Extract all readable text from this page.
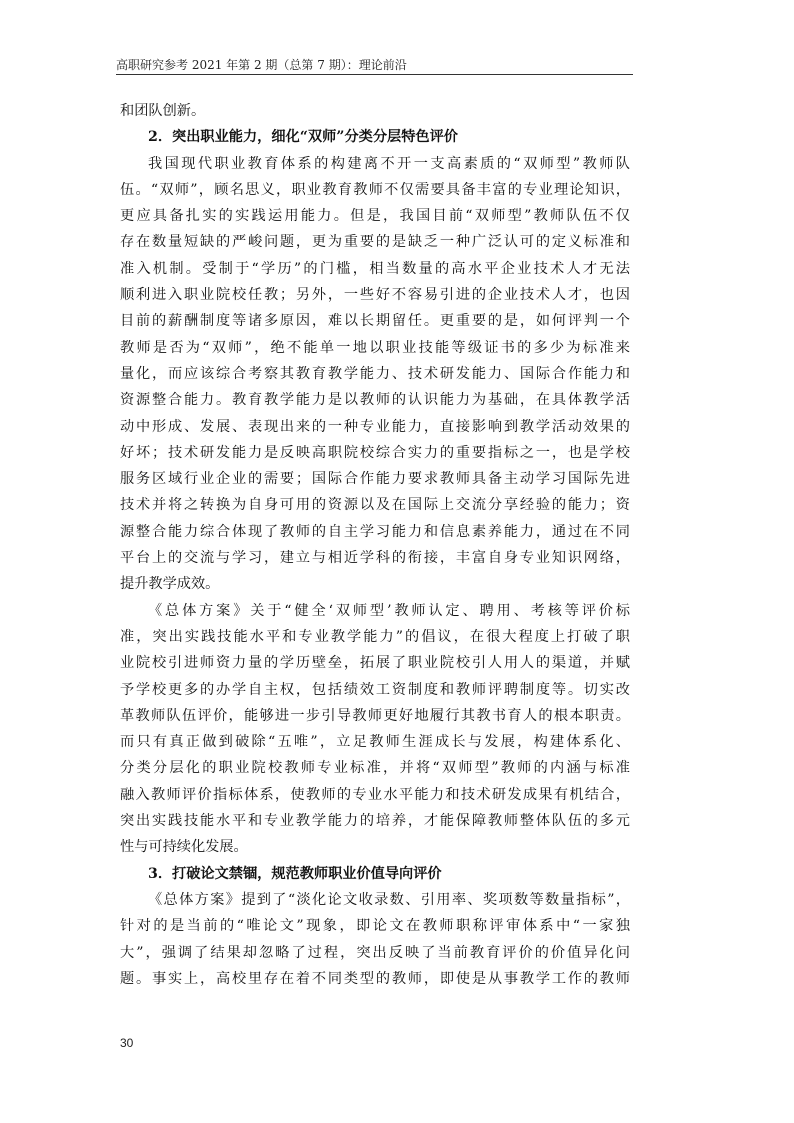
高职研究参考 2021 年第 2 期（总第 7 期）：理论前沿
和团队创新。
2．突出职业能力，细化“双师”分类分层特色评价
我国现代职业教育体系的构建离不开一支高素质的“双师型”教师队
伍。“双师”，顾名思义，职业教育教师不仅需要具备丰富的专业理论知识，
更应具备扎实的实践运用能力。但是，我国目前“双师型”教师队伍不仅
存在数量短缺的严峻问题，更为重要的是缺乏一种广泛认可的定义标准和
准入机制。受制于“学历”的门槛，相当数量的高水平企业技术人才无法
顺利进入职业院校任教；另外，一些好不容易引进的企业技术人才，也因
目前的薪酬制度等诸多原因，难以长期留任。更重要的是，如何评判一个
教师是否为“双师”，绝不能单一地以职业技能等级证书的多少为标准来
量化，而应该综合考察其教育教学能力、技术研发能力、国际合作能力和
资源整合能力。教育教学能力是以教师的认识能力为基础，在具体教学活
动中形成、发展、表现出来的一种专业能力，直接影响到教学活动效果的
好坏；技术研发能力是反映高职院校综合实力的重要指标之一，也是学校
服务区域行业企业的需要；国际合作能力要求教师具备主动学习国际先进
技术并将之转换为自身可用的资源以及在国际上交流分享经验的能力；资
源整合能力综合体现了教师的自主学习能力和信息素养能力，通过在不同
平台上的交流与学习，建立与相近学科的衔接，丰富自身专业知识网络，
提升教学成效。
《总体方案》关于“健全‘双师型’教师认定、聘用、考核等评价标
准，突出实践技能水平和专业教学能力”的倡议，在很大程度上打破了职
业院校引进师资力量的学历壁垒，拓展了职业院校引人用人的渠道，并赋
予学校更多的办学自主权，包括绩效工资制度和教师评聘制度等。切实改
革教师队伍评价，能够进一步引导教师更好地履行其教书育人的根本职责。
而只有真正做到破除“五唯”，立足教师生涯成长与发展，构建体系化、
分类分层化的职业院校教师专业标准，并将“双师型”教师的内涵与标准
融入教师评价指标体系，使教师的专业水平能力和技术研发成果有机结合，
突出实践技能水平和专业教学能力的培养，才能保障教师整体队伍的多元
性与可持续化发展。
3．打破论文禁锢，规范教师职业价值导向评价
《总体方案》提到了“淡化论文收录数、引用率、奖项数等数量指标”，
针对的是当前的“唯论文”现象，即论文在教师职称评审体系中“一家独
大”，强调了结果却忽略了过程，突出反映了当前教育评价的价值异化问
题。事实上，高校里存在着不同类型的教师，即使是从事教学工作的教师
30
